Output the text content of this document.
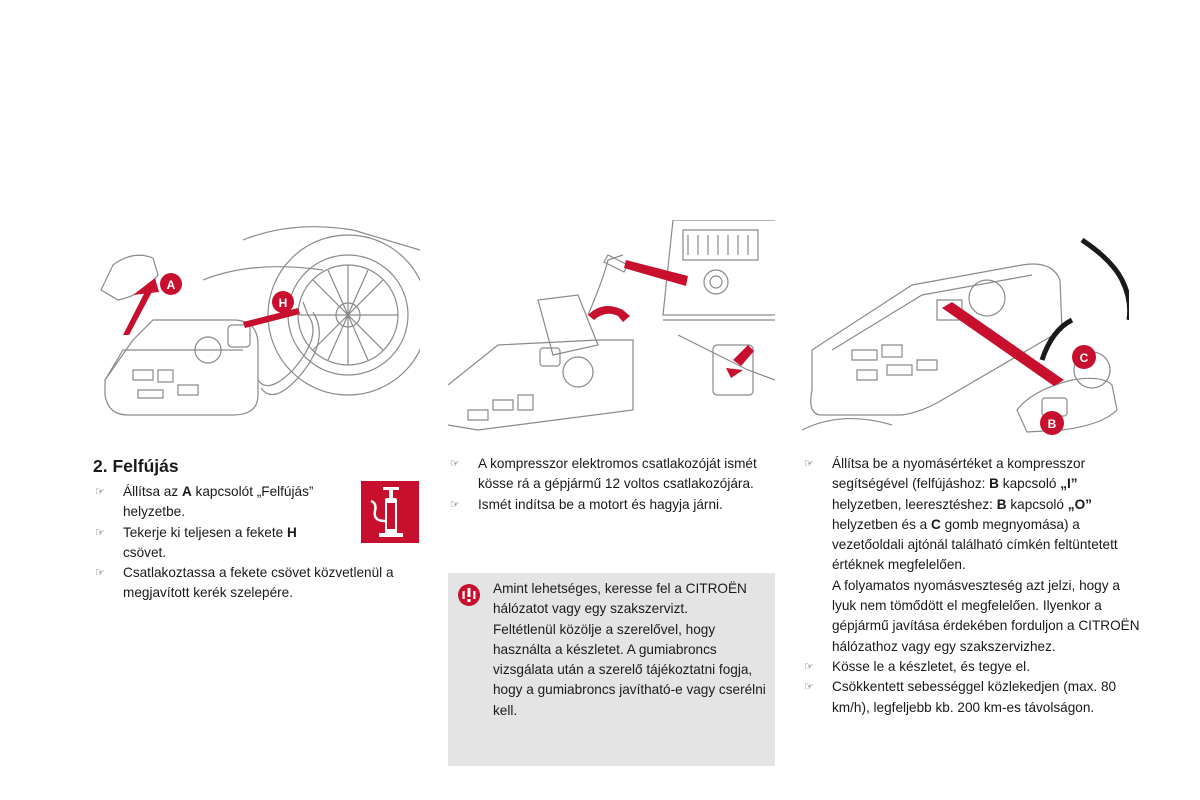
A
H
C
B
2. Felfújás
☞ Állítsa az A kapcsolót „Felfújás” helyzetbe.
☞ Tekerje ki teljesen a fekete H csövet.
☞ Csatlakoztassa a fekete csövet közvetlenül a megjavított kerék szelepére.
☞ A kompresszor elektromos csatlakozóját ismét kösse rá a gépjármű 12 voltos csatlakozójára.
☞ Ismét indítsa be a motort és hagyja járni.
Amint lehetséges, keresse fel a CITROËN hálózatot vagy egy szakszervizt.
Feltétlenül közölje a szerelővel, hogy használta a készletet. A gumiabroncs vizsgálata után a szerelő tájékoztatni fogja, hogy a gumiabroncs javítható-e vagy cserélni kell.
☞ Állítsa be a nyomásértéket a kompresszor segítségével (felfújáshoz: B kapcsoló „I” helyzetben, leeresztéshez: B kapcsoló „O” helyzetben és a C gomb megnyomása) a vezetőoldali ajtónál található címkén feltüntetett értéknek megfelelően.
A folyamatos nyomásveszteség azt jelzi, hogy a lyuk nem tömődött el megfelelően. Ilyenkor a gépjármű javítása érdekében forduljon a CITROËN hálózathoz vagy egy szakszervizhez.
☞ Kösse le a készletet, és tegye el.
☞ Csökkentett sebességgel közlekedjen (max. 80 km/h), legfeljebb kb. 200 km-es távolságon.
